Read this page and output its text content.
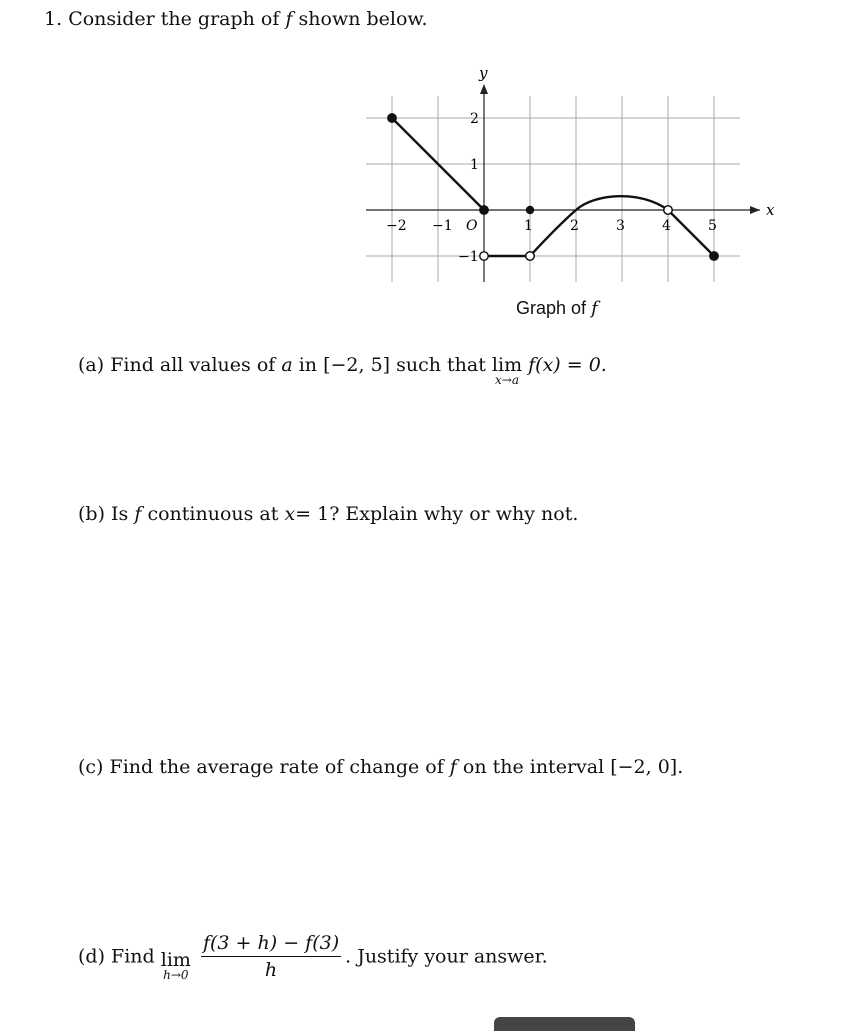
1. Consider the graph of f shown below.
x
y
O
−2 −1	1	2	3	4	5
2
1
−1
Graph of f
(a) Find all values of a in [−2, 5] such that lim
x→a
f(x) = 0.
(b) Is f continuous at x= 1? Explain why or why not.
(c) Find the average rate of change of f on the interval [−2, 0].
(d) Find lim
h→0
$\frac{f(3 + h) - f(3)}{h}$ . Justify your answer.
